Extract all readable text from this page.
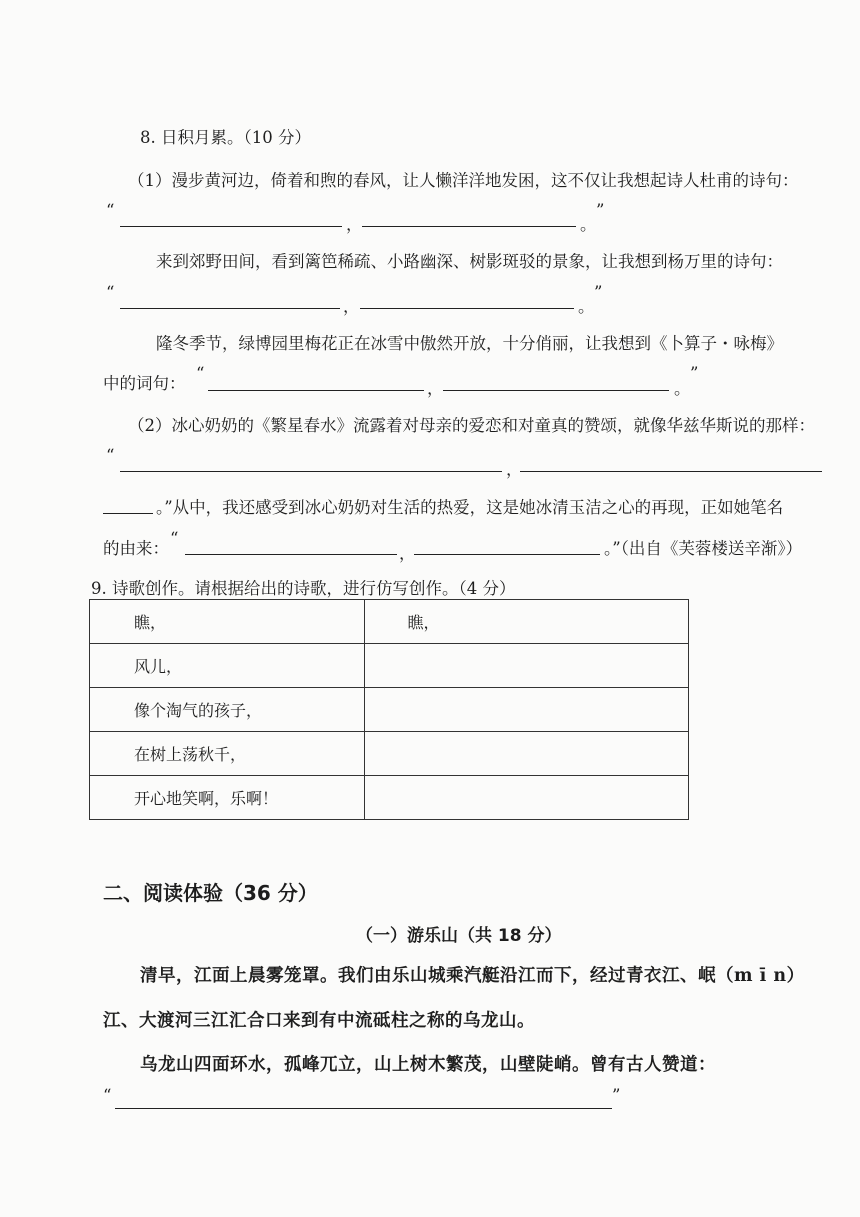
8. 日积月累。（10 分）
（1）漫步黄河边，倚着和煦的春风，让人懒洋洋地发困，这不仅让我想起诗人杜甫的诗句：
“
，	。
”
来到郊野田间，看到篱笆稀疏、小路幽深、树影斑驳的景象，让我想到杨万里的诗句：
“
，	。
”
隆冬季节，绿博园里梅花正在冰雪中傲然开放，十分俏丽，让我想到《卜算子・咏梅》
中的词句：
“
，	。
”
（2）冰心奶奶的《繁星春水》流露着对母亲的爱恋和对童真的赞颂，就像华兹华斯说的那样：
“
，
。”从中，我还感受到冰心奶奶对生活的热爱，这是她冰清玉洁之心的再现，正如她笔名
的由来：
“
，	。”（出自《芙蓉楼送辛渐》）
9. 诗歌创作。请根据给出的诗歌，进行仿写创作。（4 分）
瞧，	瞧，
风儿，	
像个淘气的孩子，	
在树上荡秋千，	
开心地笑啊，乐啊！	
二、阅读体验（36 分）
（一）游乐山（共 18 分）
清早，江面上晨雾笼罩。我们由乐山城乘汽艇沿江而下，经过青衣江、岷（m ī n）
江、大渡河三江汇合口来到有中流砥柱之称的乌龙山。
乌龙山四面环水，孤峰兀立，山上树木繁茂，山壁陡峭。曾有古人赞道：
“	”
